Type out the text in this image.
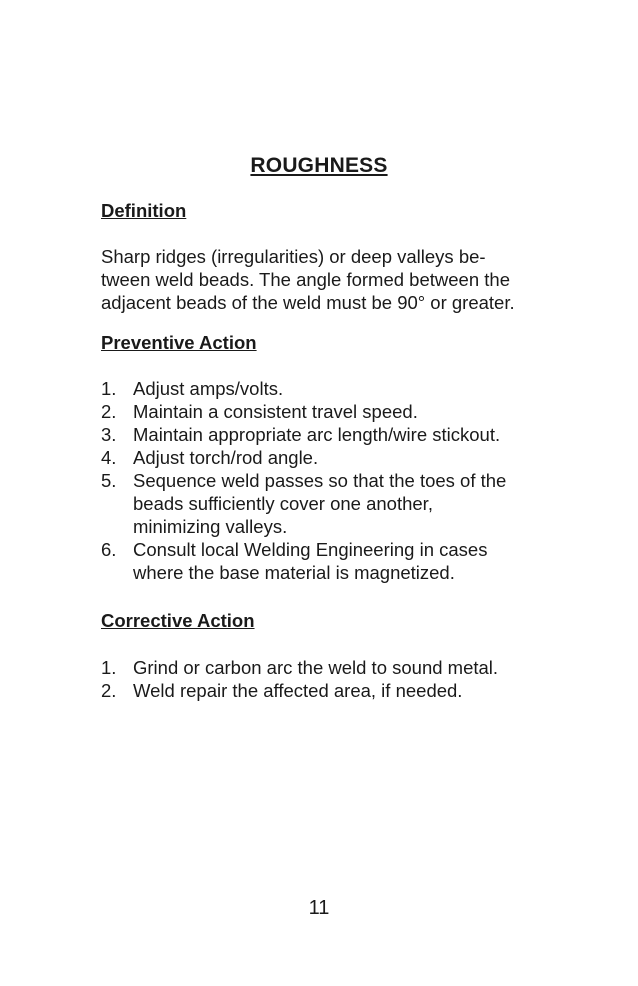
ROUGHNESS
Definition
Sharp ridges (irregularities) or deep valleys be-
tween weld beads. The angle formed between the
adjacent beads of the weld must be 90° or greater.
Preventive Action
1. Adjust amps/volts.
2. Maintain a consistent travel speed.
3. Maintain appropriate arc length/wire stickout.
4. Adjust torch/rod angle.
5. Sequence weld passes so that the toes of the
beads sufficiently cover one another,
minimizing valleys.
6. Consult local Welding Engineering in cases
where the base material is magnetized.
Corrective Action
1. Grind or carbon arc the weld to sound metal.
2. Weld repair the affected area, if needed.
11
